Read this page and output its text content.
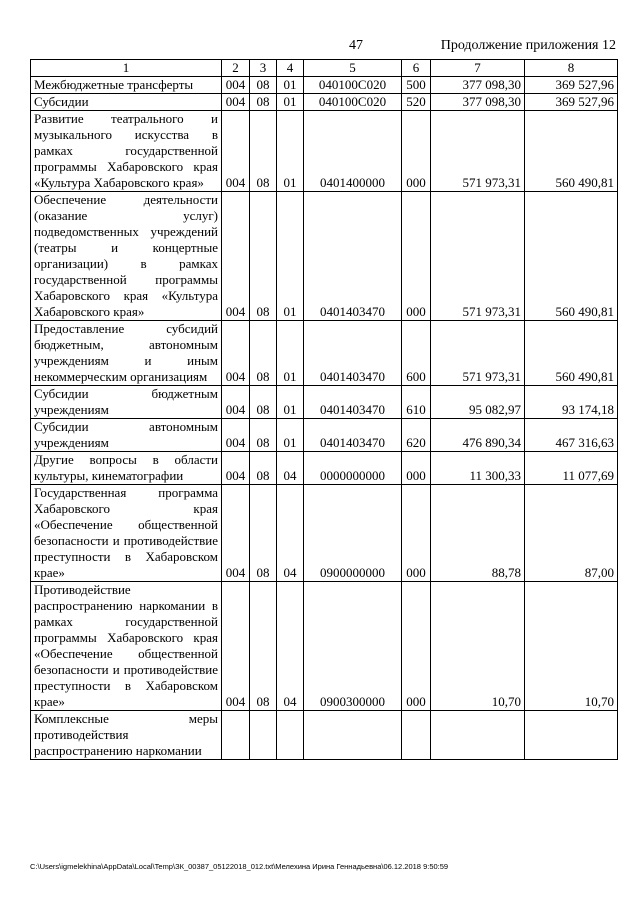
47	Продолжение приложения 12
1	2	3	4	5	6	7	8
Межбюджетные трансферты	004	08	01	040100С020	500	377 098,30	369 527,96
Субсидии	004	08	01	040100С020	520	377 098,30	369 527,96
Развитие театрального и музыкального искусства в рамках государственной программы Хабаровского края «Культура Хабаровского края»	004	08	01	0401400000	000	571 973,31	560 490,81
Обеспечение деятельности (оказание услуг) подведомственных учреждений (театры и концертные организации) в рамках государственной программы Хабаровского края «Культура Хабаровского края»	004	08	01	0401403470	000	571 973,31	560 490,81
Предоставление субсидий бюджетным, автономным учреждениям и иным некоммерческим организациям	004	08	01	0401403470	600	571 973,31	560 490,81
Субсидии бюджетным учреждениям	004	08	01	0401403470	610	95 082,97	93 174,18
Субсидии автономным учреждениям	004	08	01	0401403470	620	476 890,34	467 316,63
Другие вопросы в области культуры, кинематографии	004	08	04	0000000000	000	11 300,33	11 077,69
Государственная программа Хабаровского края «Обеспечение общественной безопасности и противодействие преступности в Хабаровском крае»	004	08	04	0900000000	000	88,78	87,00
Противодействие распространению наркомании в рамках государственной программы Хабаровского края «Обеспечение общественной безопасности и противодействие преступности в Хабаровском крае»	004	08	04	0900300000	000	10,70	10,70
Комплексные меры противодействия распространению наркомании							
C:\Users\igmelekhina\AppData\Local\Temp\ЗК_00387_05122018_012.txt\Мелехина Ирина Геннадьевна\06.12.2018 9:50:59
